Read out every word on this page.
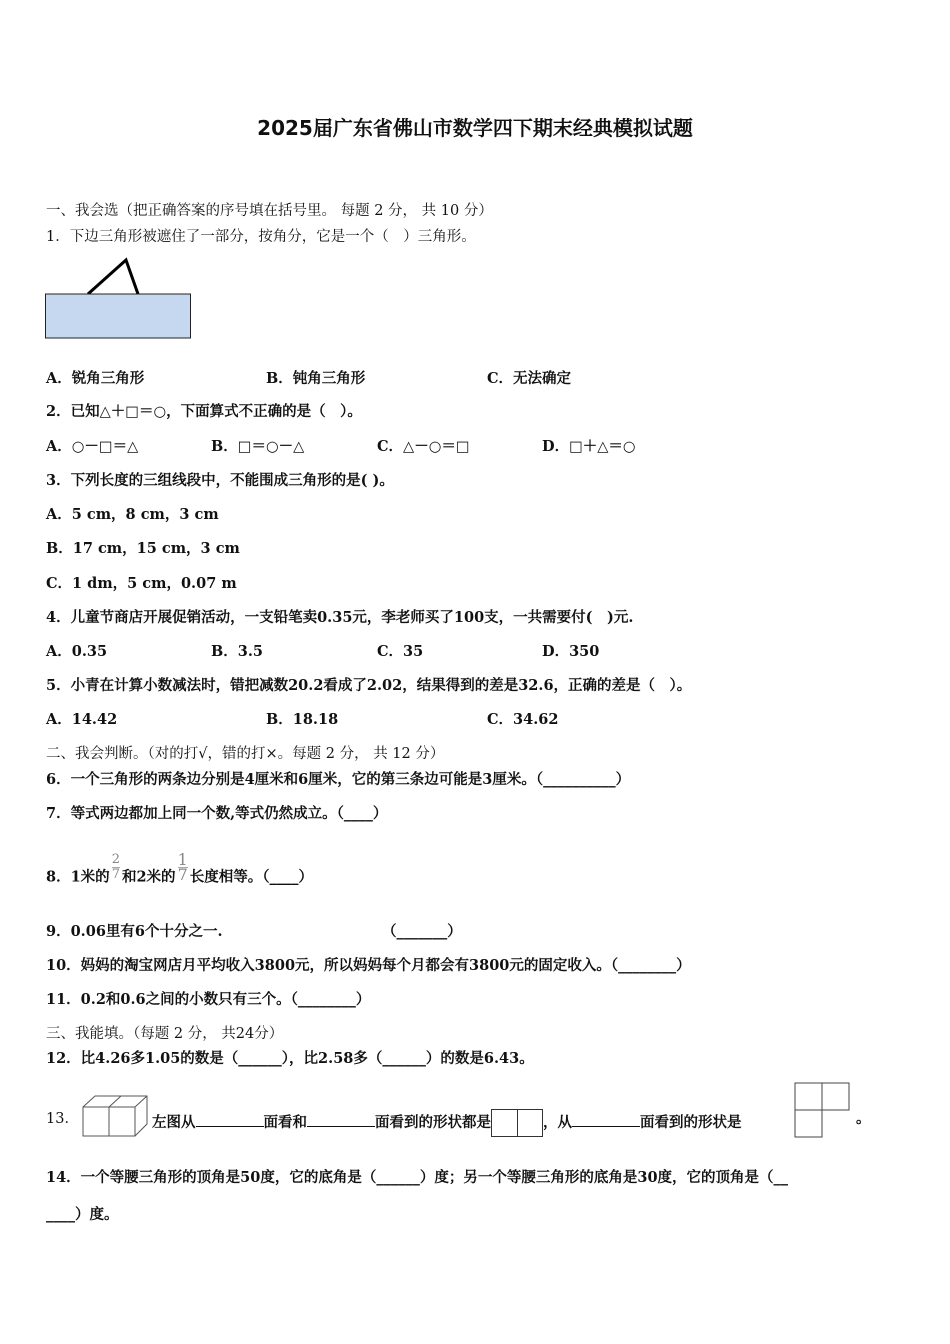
2025届广东省佛山市数学四下期末经典模拟试题
一、我会选（把正确答案的序号填在括号里。 每题 2 分， 共 10 分）
1．下边三角形被遮住了一部分，按角分，它是一个（　）三角形。
A．锐角三角形	B．钝角三角形	C．无法确定
2．已知△＋□＝○，下面算式不正确的是（　）。
A．○－□＝△	B．□＝○－△	C．△－○＝□	D．□＋△＝○
3．下列长度的三组线段中，不能围成三角形的是( )。
A．5 cm，8 cm，3 cm
B．17 cm，15 cm，3 cm
C．1 dm，5 cm，0.07 m
4．儿童节商店开展促销活动，一支铅笔卖0.35元，李老师买了100支，一共需要付(　)元.
A．0.35	B．3.5	C．35	D．350
5．小青在计算小数减法时，错把减数20.2看成了2.02，结果得到的差是32.6，正确的差是（　）。
A．14.42	B．18.18	C．34.62
二、我会判断。（对的打√，错的打×。每题 2 分， 共 12 分）
6．一个三角形的两条边分别是4厘米和6厘米，它的第三条边可能是3厘米。（__________）
7．等式两边都加上同一个数,等式仍然成立。（____）
8．1米的 $\frac{2}{7}$ 和2米的 $\frac{1}{7}$ 长度相等。（____）
9．0.06里有6个十分之一.	（_______）
10．妈妈的淘宝网店月平均收入3800元，所以妈妈每个月都会有3800元的固定收入。（________）
11．0.2和0.6之间的小数只有三个。（________）
三、我能填。（每题 2 分， 共24分）
12．比4.26多1.05的数是（______），比2.58多（______）的数是6.43。
13．	左图从	面看和	面看到的形状都是	，从	面看到的形状是	。
14．一个等腰三角形的顶角是50度，它的底角是（______）度；另一个等腰三角形的底角是30度，它的顶角是（__
____）度。
